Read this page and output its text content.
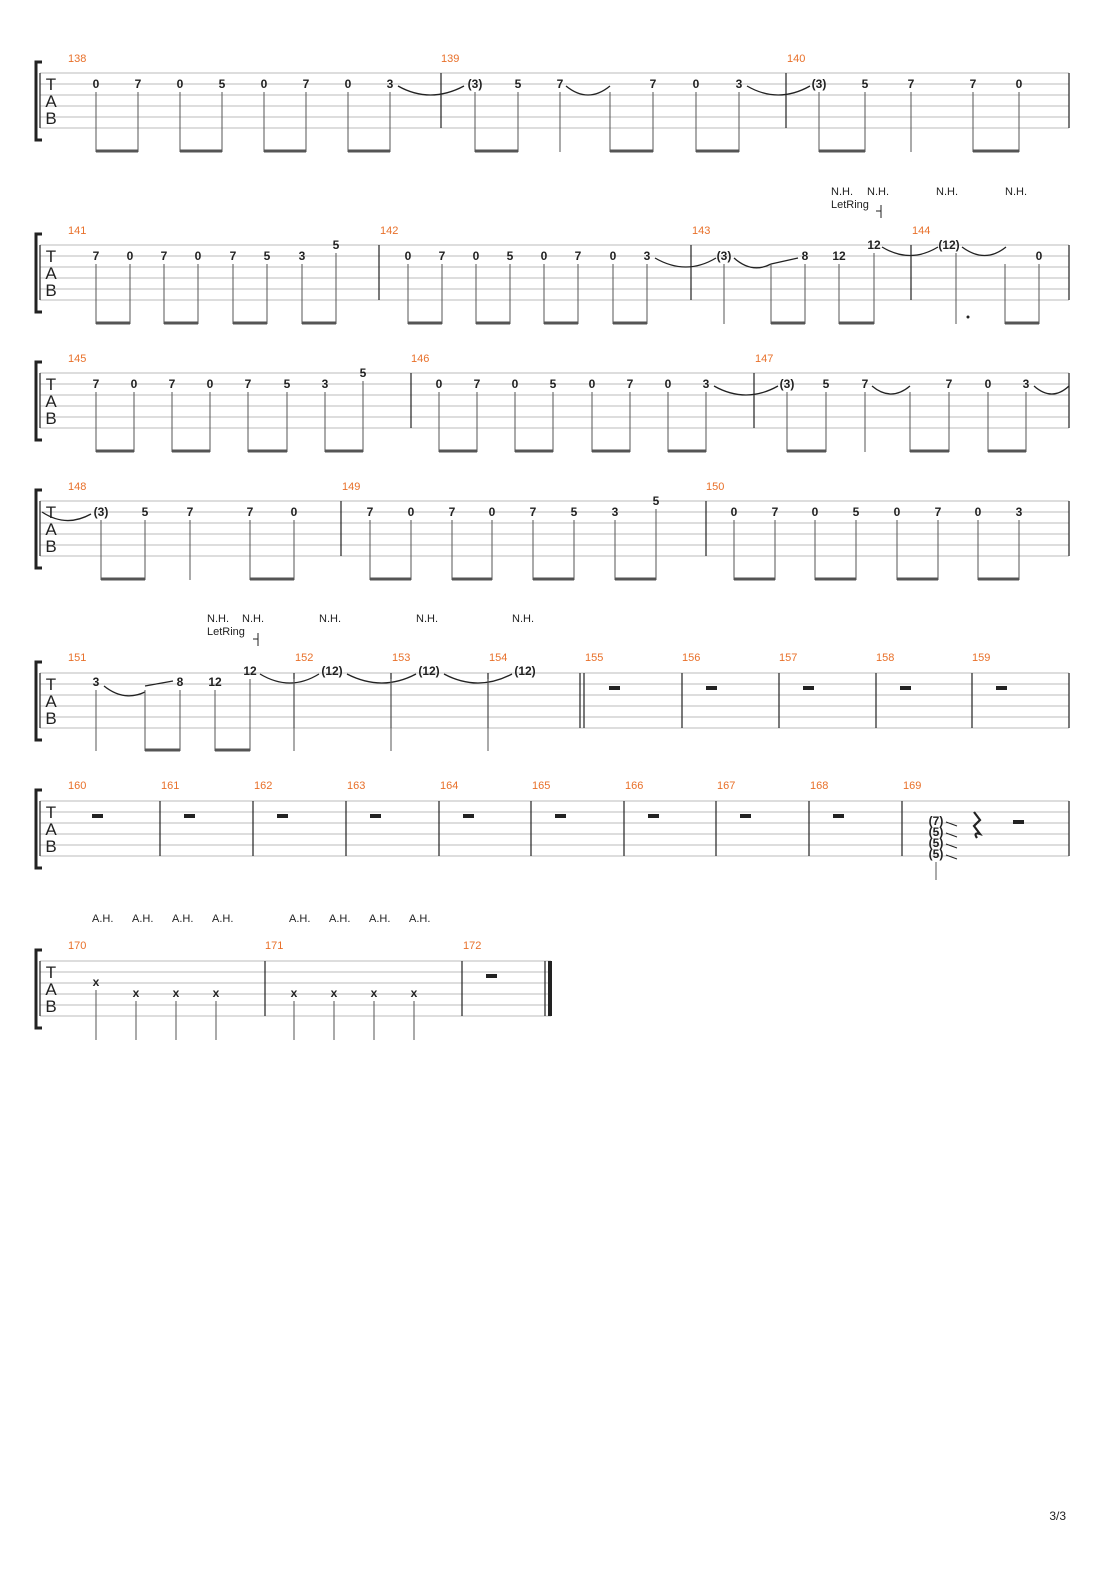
T
A
B
138	139	140
0	7	0	5	0	7	0	3	(3)	5	7	7	0	3	(3)	5	7	7	0
N.H. N.H.	N.H.	N.H.
LetRing
T
A
B
141	142	143	144
7 0 7 0 7 5 3
5
0 7 0 5 0 7 0 3	(3)	8 12
12	(12)
0
T
A
B
145	146	147
7	0	7	0	7	5	3
5
0	7	0	5	0	7	0	3	(3) 5	7	7	0	3
T
A
B
148	149	150
(3)	5	7	7	0	7	0	7	0	7	5	3
5
0	7	0	5	0	7	0	3
N.H. N.H.	N.H.	N.H.	N.H.
LetRing
T
A
B
151	152	153	154	155	156	157	158	159
3	8 12
12	(12)	(12)	(12)
T
A
B
160	161	162	163	164	165	166	167	168	169
(7)
(5)
(5)
(5)
A.H. A.H. A.H. A.H.	A.H. A.H. A.H. A.H.
T
A
B
170	171	172
x
x	x	x	x	x	x	x
3/3
